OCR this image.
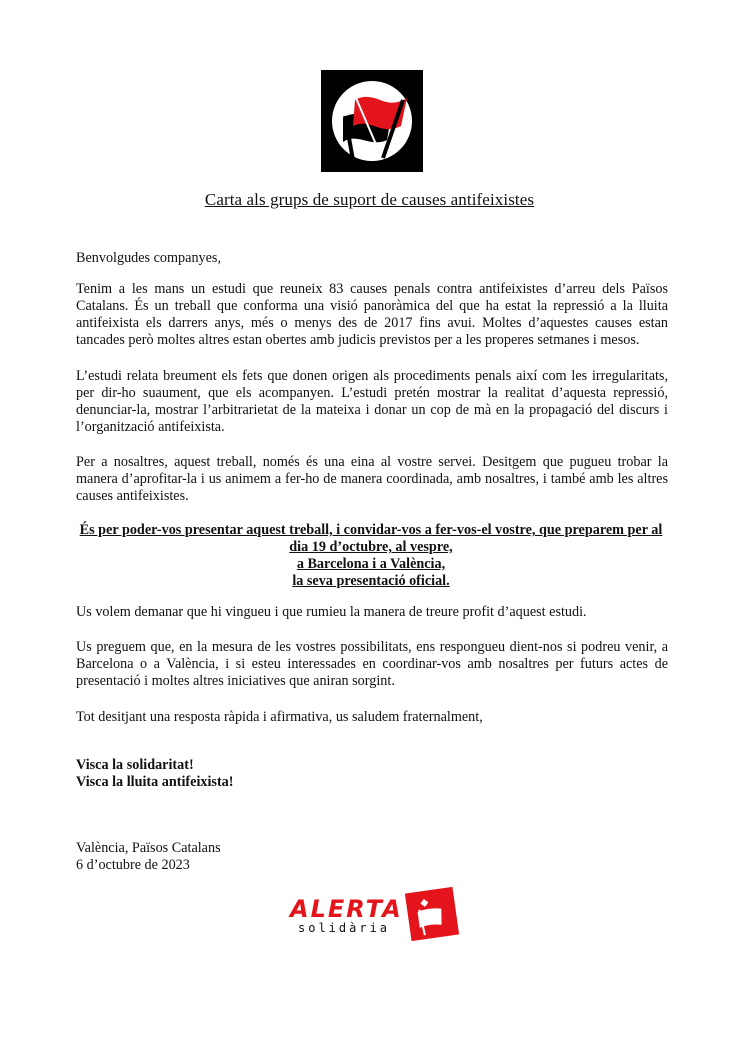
Carta als grups de suport de causes antifeixistes
Benvolgudes companyes,
Tenim a les mans un estudi que reuneix 83 causes penals contra antifeixistes d’arreu dels Països Catalans. És un treball que conforma una visió panoràmica del que ha estat la repressió a la lluita antifeixista els darrers anys, més o menys des de 2017 fins avui. Moltes d’aquestes causes estan tancades però moltes altres estan obertes amb judicis previstos per a les properes setmanes i mesos.
L’estudi relata breument els fets que donen origen als procediments penals així com les irregularitats, per dir-ho suaument, que els acompanyen. L’estudi pretén mostrar la realitat d’aquesta repressió, denunciar-la, mostrar l’arbitrarietat de la mateixa i donar un cop de mà en la propagació del discurs i l’organització antifeixista.
Per a nosaltres, aquest treball, només és una eina al vostre servei. Desitgem que pugueu trobar la manera d’aprofitar-la i us animem a fer-ho de manera coordinada, amb nosaltres, i també amb les altres causes antifeixistes.
És per poder-vos presentar aquest treball, i convidar-vos a fer-vos-el vostre, que preparem per al
dia 19 d’octubre, al vespre,
a Barcelona i a València,
la seva presentació oficial.
Us volem demanar que hi vingueu i que rumieu la manera de treure profit d’aquest estudi.
Us preguem que, en la mesura de les vostres possibilitats, ens respongueu dient-nos si podreu venir, a Barcelona o a València, i si esteu interessades en coordinar-vos amb nosaltres per futurs actes de presentació i moltes altres iniciatives que aniran sorgint.
Tot desitjant una resposta ràpida i afirmativa, us saludem fraternalment,
Visca la solidaritat!
Visca la lluita antifeixista!
València, Països Catalans
6 d’octubre de 2023
ALERTA
solidària
